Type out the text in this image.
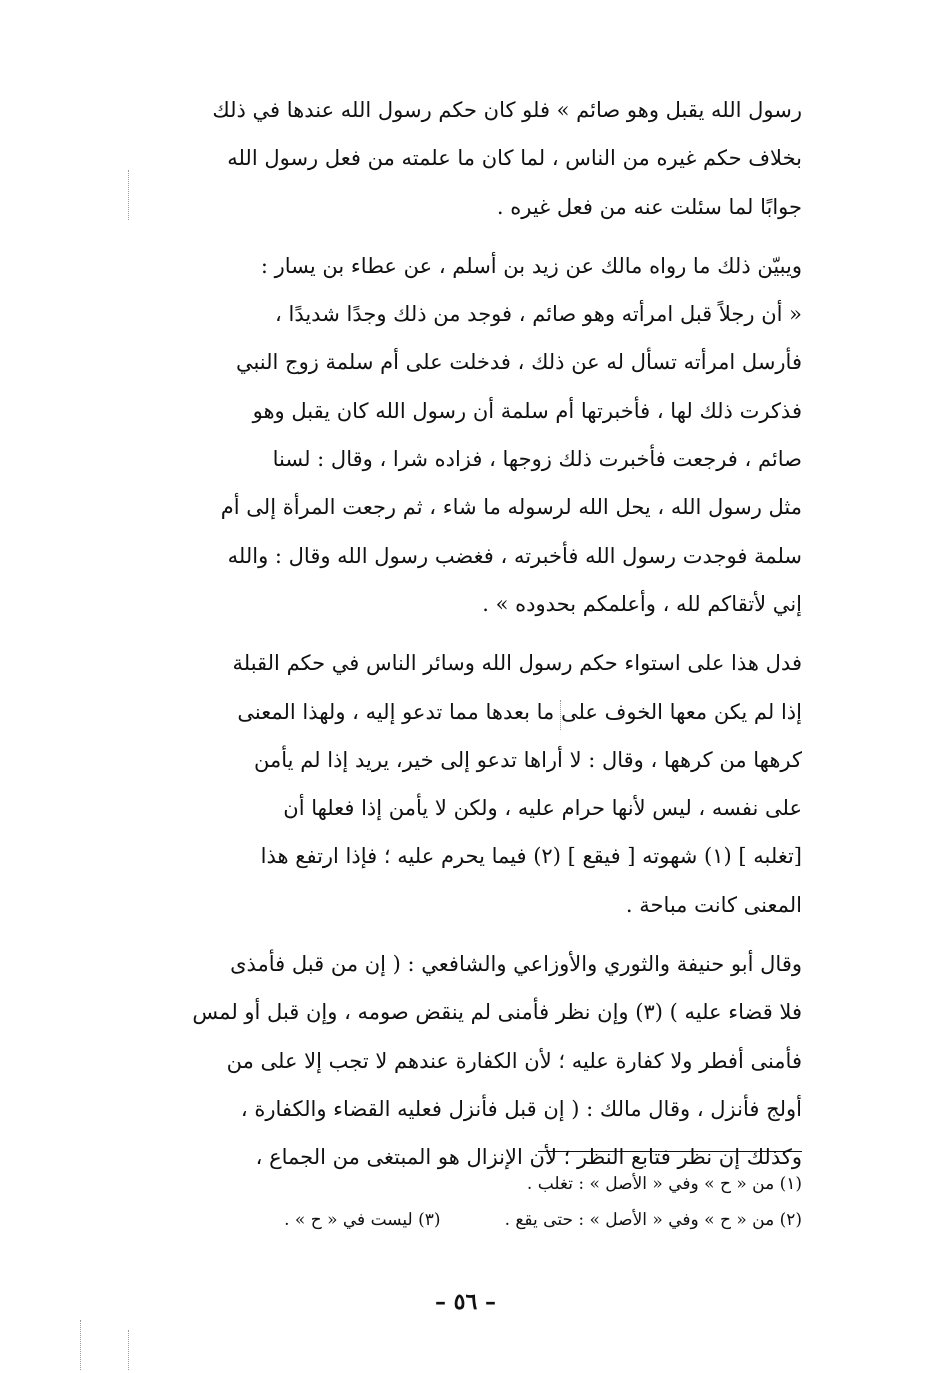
رسول الله يقبل وهو صائم » فلو كان حكم رسول الله عندها في ذلك
بخلاف حكم غيره من الناس ، لما كان ما علمته من فعل رسول الله
جوابًا لما سئلت عنه من فعل غيره .
ويبيّن ذلك ما رواه مالك عن زيد بن أسلم ، عن عطاء بن يسار :
« أن رجلاً قبل امرأته وهو صائم ، فوجد من ذلك وجدًا شديدًا ،
فأرسل امرأته تسأل له عن ذلك ، فدخلت على أم سلمة زوج النبي
فذكرت ذلك لها ، فأخبرتها أم سلمة أن رسول الله كان يقبل وهو
صائم ، فرجعت فأخبرت ذلك زوجها ، فزاده شرا ، وقال : لسنا
مثل رسول الله ، يحل الله لرسوله ما شاء ، ثم رجعت المرأة إلى أم
سلمة فوجدت رسول الله فأخبرته ، فغضب رسول الله وقال : والله
إني لأتقاكم لله ، وأعلمكم بحدوده » .
فدل هذا على استواء حكم رسول الله وسائر الناس في حكم القبلة
إذا لم يكن معها الخوف على ما بعدها مما تدعو إليه ، ولهذا المعنى
كرهها من كرهها ، وقال : لا أراها تدعو إلى خير، يريد إذا لم يأمن
على نفسه ، ليس لأنها حرام عليه ، ولكن لا يأمن إذا فعلها أن
[تغلبه ] (١) شهوته [ فيقع ] (٢) فيما يحرم عليه ؛ فإذا ارتفع هذا
المعنى كانت مباحة .
وقال أبو حنيفة والثوري والأوزاعي والشافعي : ( إن من قبل فأمذى
فلا قضاء عليه ) (٣) وإن نظر فأمنى لم ينقض صومه ، وإن قبل أو لمس
فأمنى أفطر ولا كفارة عليه ؛ لأن الكفارة عندهم لا تجب إلا على من
أولج فأنزل ، وقال مالك : ( إن قبل فأنزل فعليه القضاء والكفارة ،
وكذلك إن نظر فتابع النظر ؛ لأن الإنزال هو المبتغى من الجماع ،
(١) من « ح » وفي « الأصل » : تغلب .
(٢) من « ح » وفي « الأصل » : حتى يقع .(٣) ليست في « ح » .
– ٥٦ –
